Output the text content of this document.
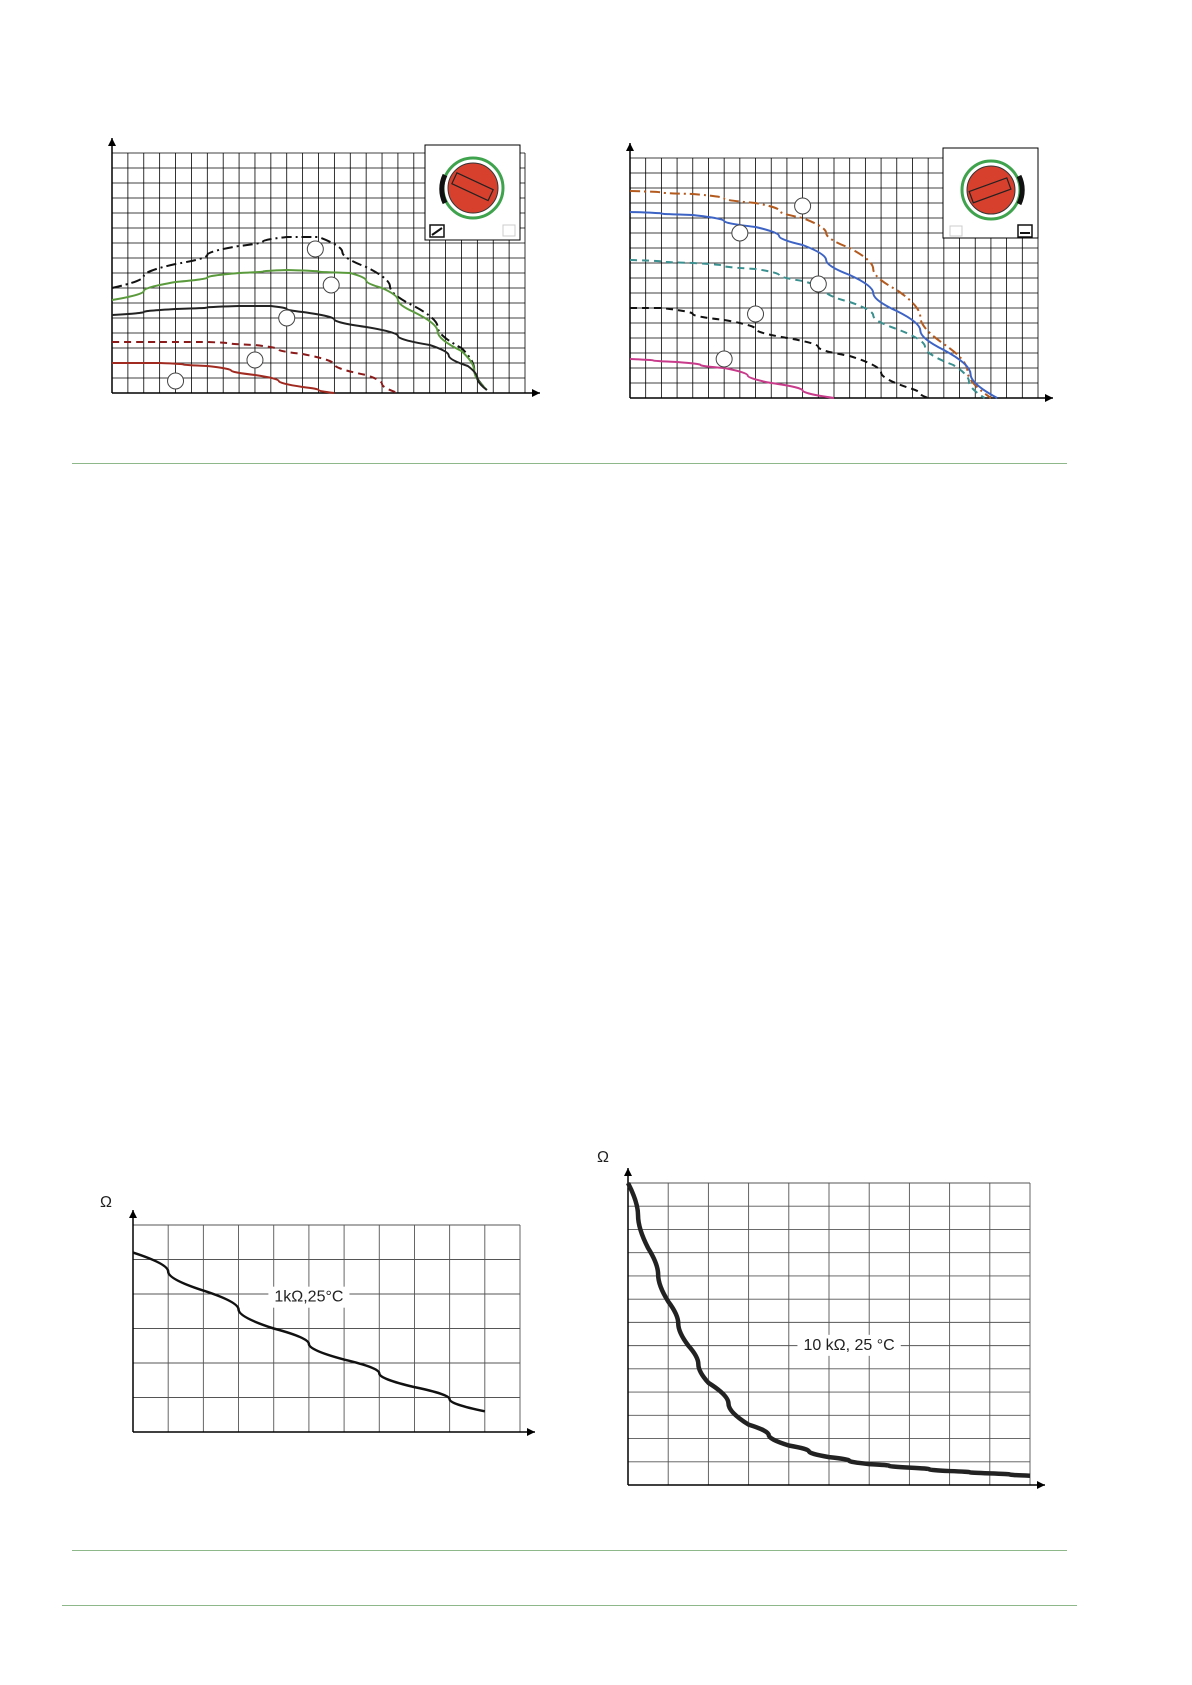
Ω
1kΩ,25°C
Ω
10 kΩ, 25 °C
